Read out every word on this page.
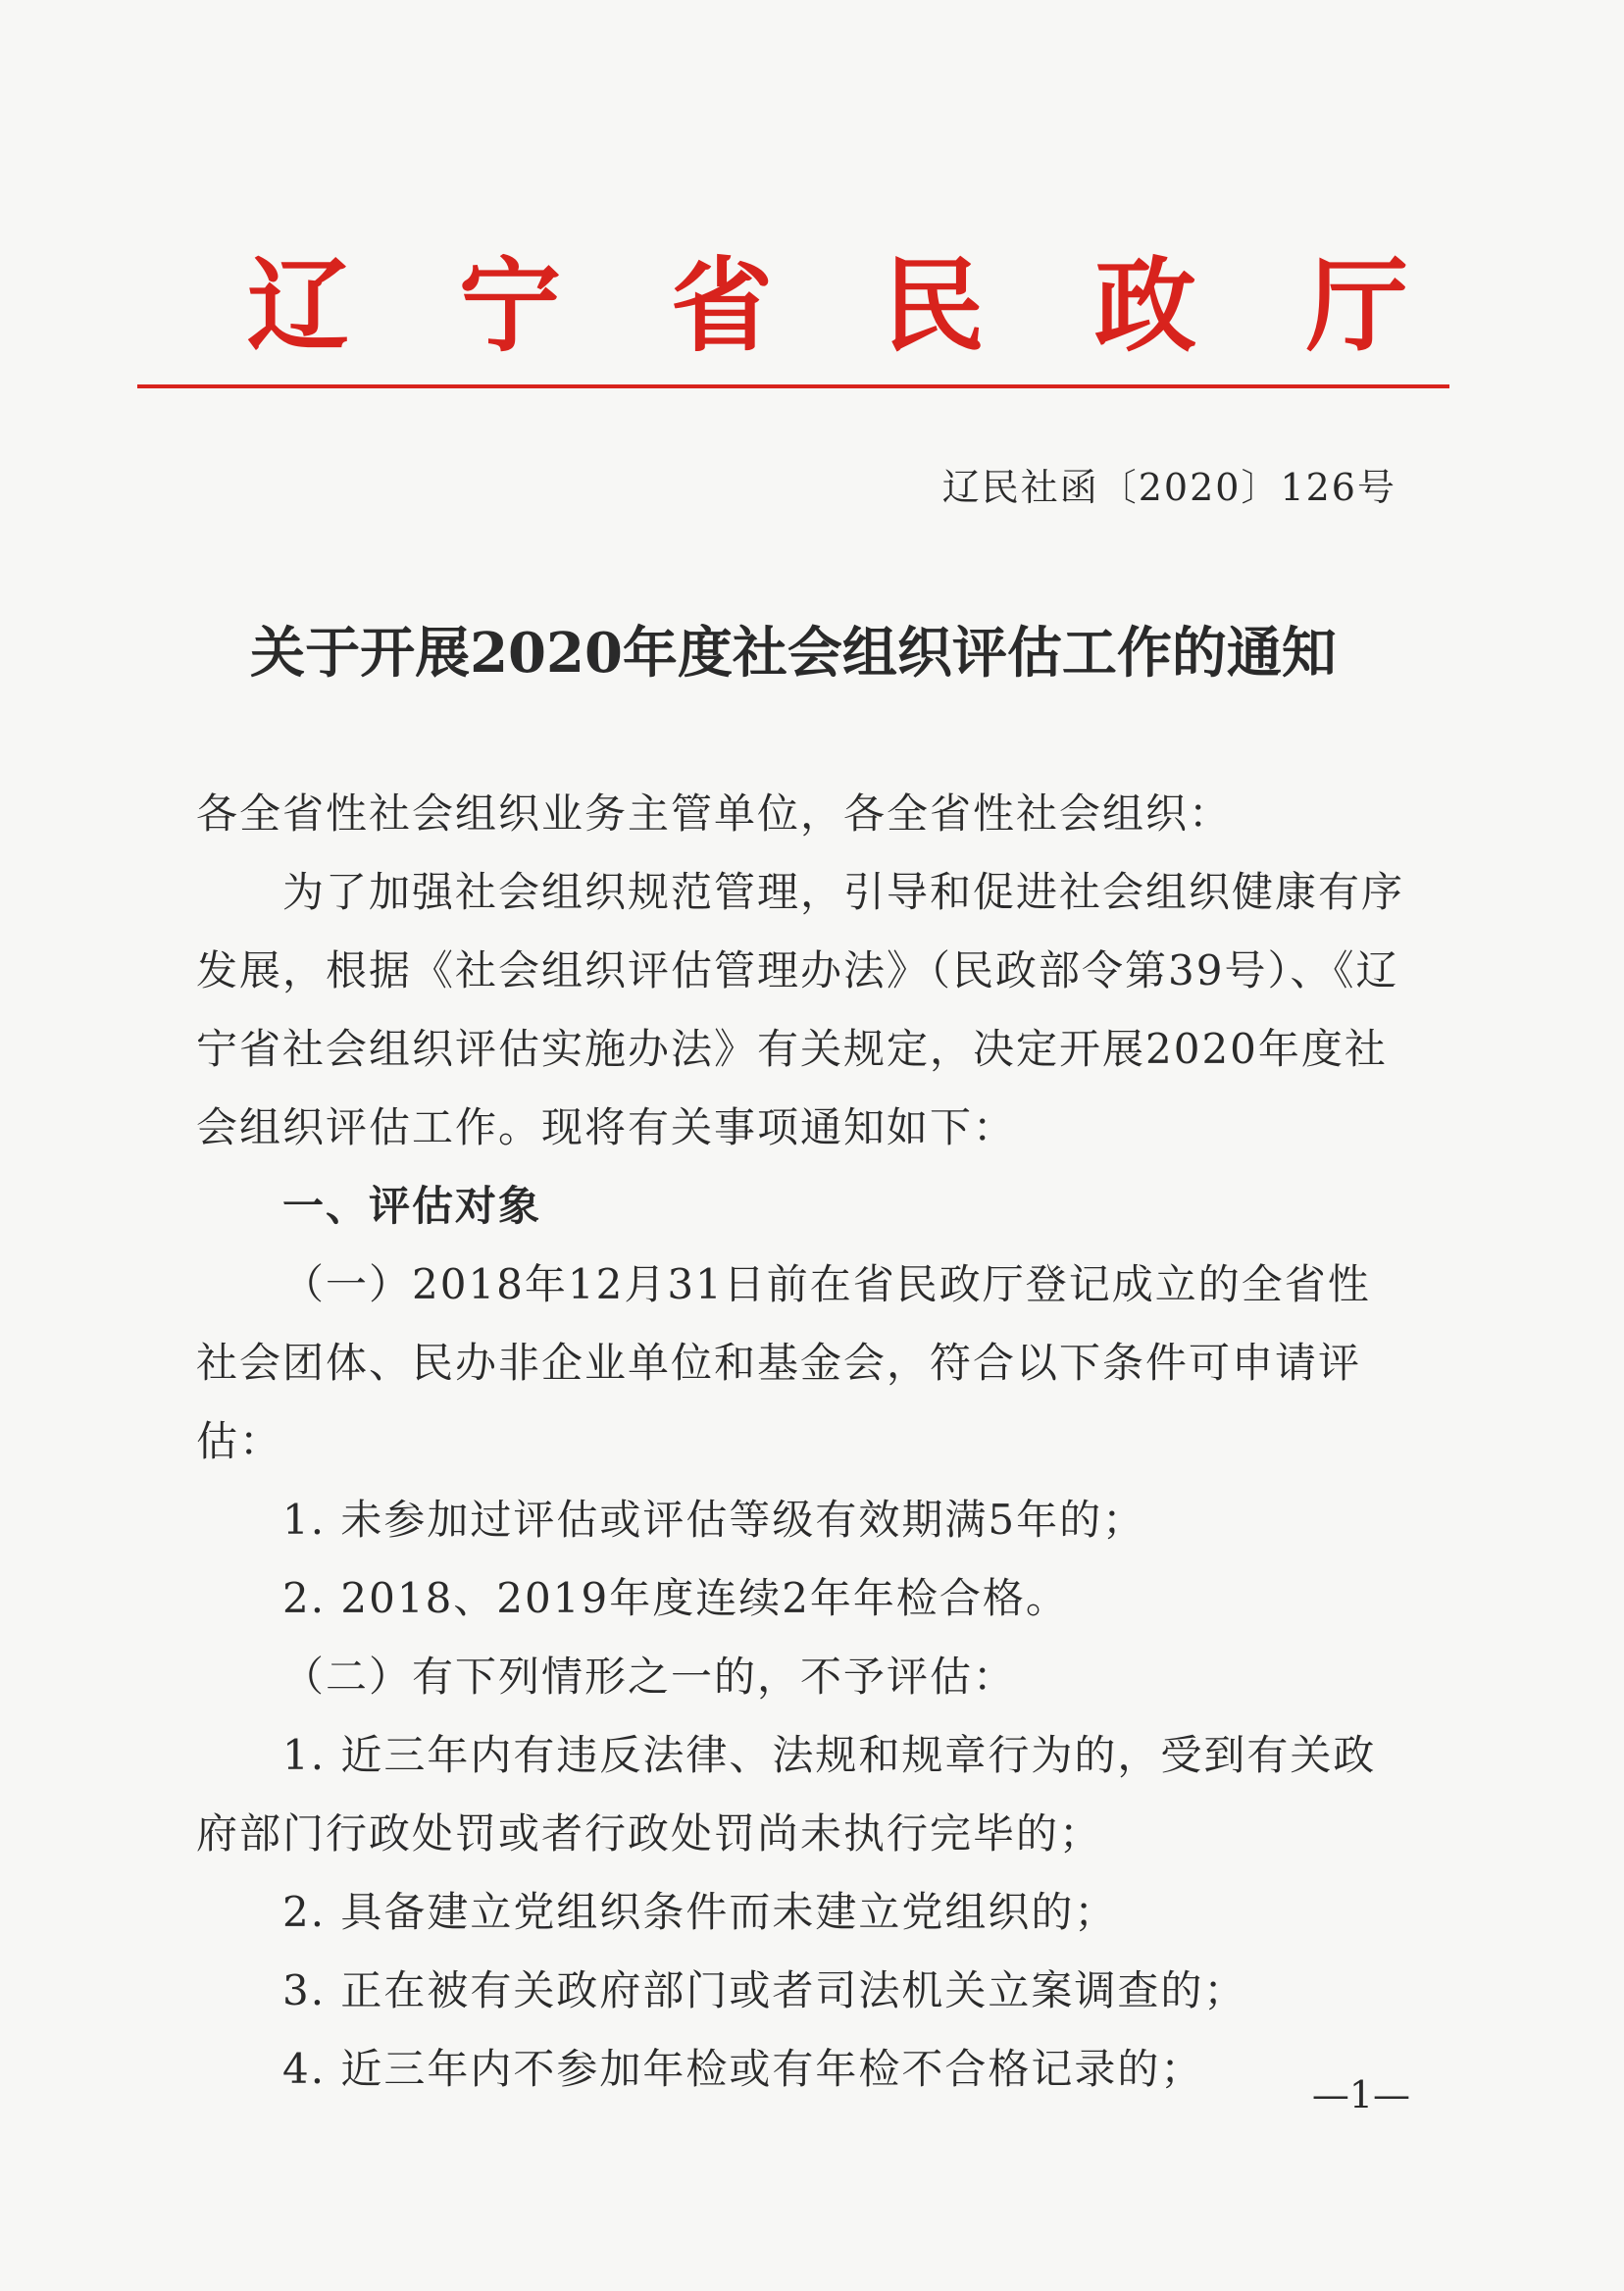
辽宁省民政厅
辽民社函〔2020〕126号
关于开展2020年度社会组织评估工作的通知

各全省性社会组织业务主管单位，各全省性社会组织：

为了加强社会组织规范管理，引导和促进社会组织健康有序发展，根据《社会组织评估管理办法》（民政部令第39号）、《辽宁省社会组织评估实施办法》有关规定，决定开展2020年度社会组织评估工作。现将有关事项通知如下：

一、评估对象

（一）2018年12月31日前在省民政厅登记成立的全省性社会团体、民办非企业单位和基金会，符合以下条件可申请评估：

1. 未参加过评估或评估等级有效期满5年的；

2. 2018、2019年度连续2年年检合格。

（二）有下列情形之一的，不予评估：

1. 近三年内有违反法律、法规和规章行为的，受到有关政府部门行政处罚或者行政处罚尚未执行完毕的；

2. 具备建立党组织条件而未建立党组织的；

3. 正在被有关政府部门或者司法机关立案调查的；

4. 近三年内不参加年检或有年检不合格记录的；

—1—
